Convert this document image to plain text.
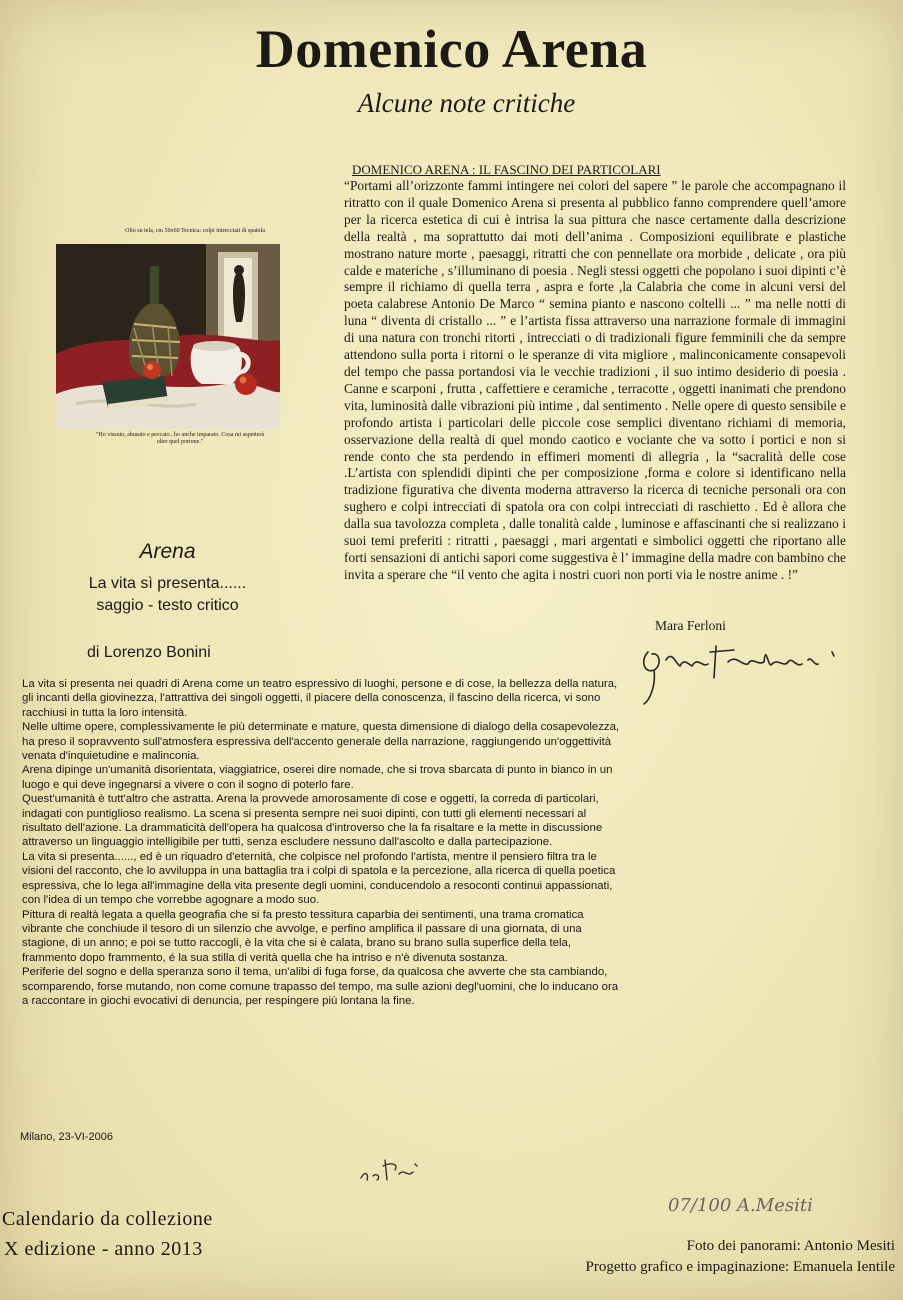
Domenico Arena
Alcune note critiche
DOMENICO ARENA : IL FASCINO DEI PARTICOLARI

“Portami all’orizzonte fammi intingere nei colori del sapere ” le parole che accompagnano il ritratto con il quale Domenico Arena si presenta al pubblico fanno comprendere quell’amore per la ricerca estetica di cui è intrisa la sua pittura che nasce certamente dalla descrizione della realtà , ma soprattutto dai moti dell’anima . Composizioni equilibrate e plastiche mostrano nature morte , paesaggi, ritratti che con pennellate ora morbide , delicate , ora più calde e materiche , s’illuminano di poesia . Negli stessi oggetti che popolano i suoi dipinti c’è sempre il richiamo di quella terra , aspra e forte ,la Calabria che come in alcuni versi del poeta calabrese Antonio De Marco “ semina pianto e nascono coltelli ... ” ma nelle notti di luna “ diventa di cristallo ... ” e l’artista fissa attraverso una narrazione formale di immagini di una natura con tronchi ritorti , intrecciati o di tradizionali figure femminili che da sempre attendono sulla porta i ritorni o le speranze di vita migliore , malinconicamente consapevoli del tempo che passa portandosi via le vecchie tradizioni , il suo intimo desiderio di poesia . Canne e scarponi , frutta , caffettiere e ceramiche , terracotte , oggetti inanimati che prendono vita, luminosità dalle vibrazioni più intime , dal sentimento . Nelle opere di questo sensibile e profondo artista i particolari delle piccole cose semplici diventano richiami di memoria, osservazione della realtà di quel mondo caotico e vociante che va sotto i portici e non si rende conto che sta perdendo in effimeri momenti di allegria , la “sacralità delle cose .L’artista con splendidi dipinti che per composizione ,forma e colore si identificano nella tradizione figurativa che diventa moderna attraverso la ricerca di tecniche personali ora con sughero e colpi intrecciati di spatola ora con colpi intrecciati di raschietto . Ed è allora che dalla sua tavolozza completa , dalle tonalità calde , luminose e affascinanti che si realizzano i suoi temi preferiti : ritratti , paesaggi , mari argentati e simbolici oggetti che riportano alle forti sensazioni di antichi sapori come suggestiva è l’ immagine della madre con bambino che invita a sperare che “il vento che agita i nostri cuori non porti via le nostre anime . !”

Mara Ferloni
Olio su tela, cm 50x60 Tecnica: colpi intrecciati di spatola
"Ho vissuto, abusato e peccato...ho anche imparato. Cosa mi aspetterà oltre quel portone."
Arena
La vita sì presenta......
saggio - testo critico
di Lorenzo Bonini

La vita si presenta nei quadri di Arena come un teatro espressivo di luoghi, persone e di cose, la bellezza della natura, gli incanti della giovinezza, l'attrattiva dei singoli oggetti, il piacere della conoscenza, il fascino della ricerca, vi sono racchiusi in tutta la loro intensità.

Nelle ultime opere, complessivamente le più determinate e mature, questa dimensione di dialogo della cosapevolezza, ha preso il sopravvento sull'atmosfera espressiva dell'accento generale della narrazione, raggiungendo un'oggettività venata d'inquietudine e malinconia.

Arena dipinge un'umanità disorientata, viaggiatrice, oserei dire nomade, che si trova sbarcata di punto in bianco in un luogo e qui deve ingegnarsi a vivere o con il sogno di poterlo fare.

Quest'umanità è tutt'altro che astratta. Arena la provvede amorosamente di cose e oggetti, la correda di particolari, indagati con puntiglioso realismo. La scena si presenta sempre nei suoi dipinti, con tutti gli elementi necessari al risultato dell'azione. La drammaticità dell'opera ha qualcosa d'introverso che la fa risaltare e la mette in discussione attraverso un linguaggio intelligibile per tutti, senza escludere nessuno dall'ascolto e dalla partecipazione.

La vita si presenta......, ed è un riquadro d'eternità, che colpisce nel profondo l'artista, mentre il pensiero filtra tra le visioni del racconto, che lo avviluppa in una battaglia tra i colpi di spatola e la percezione, alla ricerca di quella poetica espressiva, che lo lega all'immagine della vita presente degli uomini, conducendolo a resoconti continui appassionati, con l'idea di un tempo che vorrebbe agognare a modo suo.

Pittura di realtà legata a quella geografia che si fa presto tessitura caparbia dei sentimenti, una trama cromatica vibrante che conchiude il tesoro di un silenzio che avvolge, e perfino amplifica il passare di una giornata, di una stagione, di un anno; e poi se tutto raccogli, è la vita che si è calata, brano su brano sulla superfice della tela, frammento dopo frammento, é la sua stilla di verità quella che ha intriso e n'è divenuta sostanza.

Periferie del sogno e della speranza sono il tema, un'alibi di fuga forse, da qualcosa che avverte che sta cambiando, scomparendo, forse mutando, non come comune trapasso del tempo, ma sulle azioni degl'uomini, che lo inducano ora a raccontare in giochi evocativi di denuncia, per respingere più lontana la fine.

Milano, 23-VI-2006
Calendario da collezione
X edizione - anno 2013
07/100 A.Mesiti
Foto dei panorami: Antonio Mesiti
Progetto grafico e impaginazione: Emanuela Ientile
